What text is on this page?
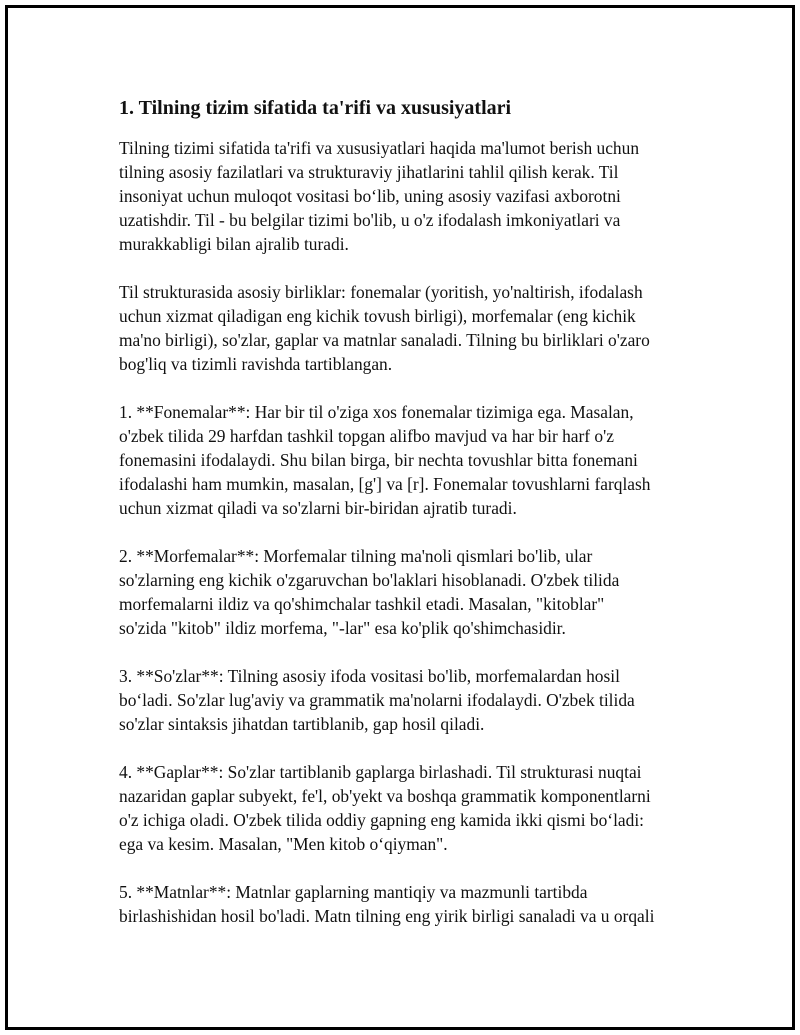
1. Tilning tizim sifatida ta'rifi va xususiyatlari
Tilning tizimi sifatida ta'rifi va xususiyatlari haqida ma'lumot berish uchun
tilning asosiy fazilatlari va strukturaviy jihatlarini tahlil qilish kerak. Til
insoniyat uchun muloqot vositasi bo‘lib, uning asosiy vazifasi axborotni
uzatishdir. Til - bu belgilar tizimi bo'lib, u o'z ifodalash imkoniyatlari va
murakkabligi bilan ajralib turadi.
Til strukturasida asosiy birliklar: fonemalar (yoritish, yo'naltirish, ifodalash
uchun xizmat qiladigan eng kichik tovush birligi), morfemalar (eng kichik
ma'no birligi), so'zlar, gaplar va matnlar sanaladi. Tilning bu birliklari o'zaro
bog'liq va tizimli ravishda tartiblangan.
1. **Fonemalar**: Har bir til o'ziga xos fonemalar tizimiga ega. Masalan,
o'zbek tilida 29 harfdan tashkil topgan alifbo mavjud va har bir harf o'z
fonemasini ifodalaydi. Shu bilan birga, bir nechta tovushlar bitta fonemani
ifodalashi ham mumkin, masalan, [g'] va [r]. Fonemalar tovushlarni farqlash
uchun xizmat qiladi va so'zlarni bir-biridan ajratib turadi.
2. **Morfemalar**: Morfemalar tilning ma'noli qismlari bo'lib, ular
so'zlarning eng kichik o'zgaruvchan bo'laklari hisoblanadi. O'zbek tilida
morfemalarni ildiz va qo'shimchalar tashkil etadi. Masalan, "kitoblar"
so'zida "kitob" ildiz morfema, "-lar" esa ko'plik qo'shimchasidir.
3. **So'zlar**: Tilning asosiy ifoda vositasi bo'lib, morfemalardan hosil
bo‘ladi. So'zlar lug'aviy va grammatik ma'nolarni ifodalaydi. O'zbek tilida
so'zlar sintaksis jihatdan tartiblanib, gap hosil qiladi.
4. **Gaplar**: So'zlar tartiblanib gaplarga birlashadi. Til strukturasi nuqtai
nazaridan gaplar subyekt, fe'l, ob'yekt va boshqa grammatik komponentlarni
o'z ichiga oladi. O'zbek tilida oddiy gapning eng kamida ikki qismi bo‘ladi:
ega va kesim. Masalan, "Men kitob o‘qiyman".
5. **Matnlar**: Matnlar gaplarning mantiqiy va mazmunli tartibda
birlashishidan hosil bo'ladi. Matn tilning eng yirik birligi sanaladi va u orqali
